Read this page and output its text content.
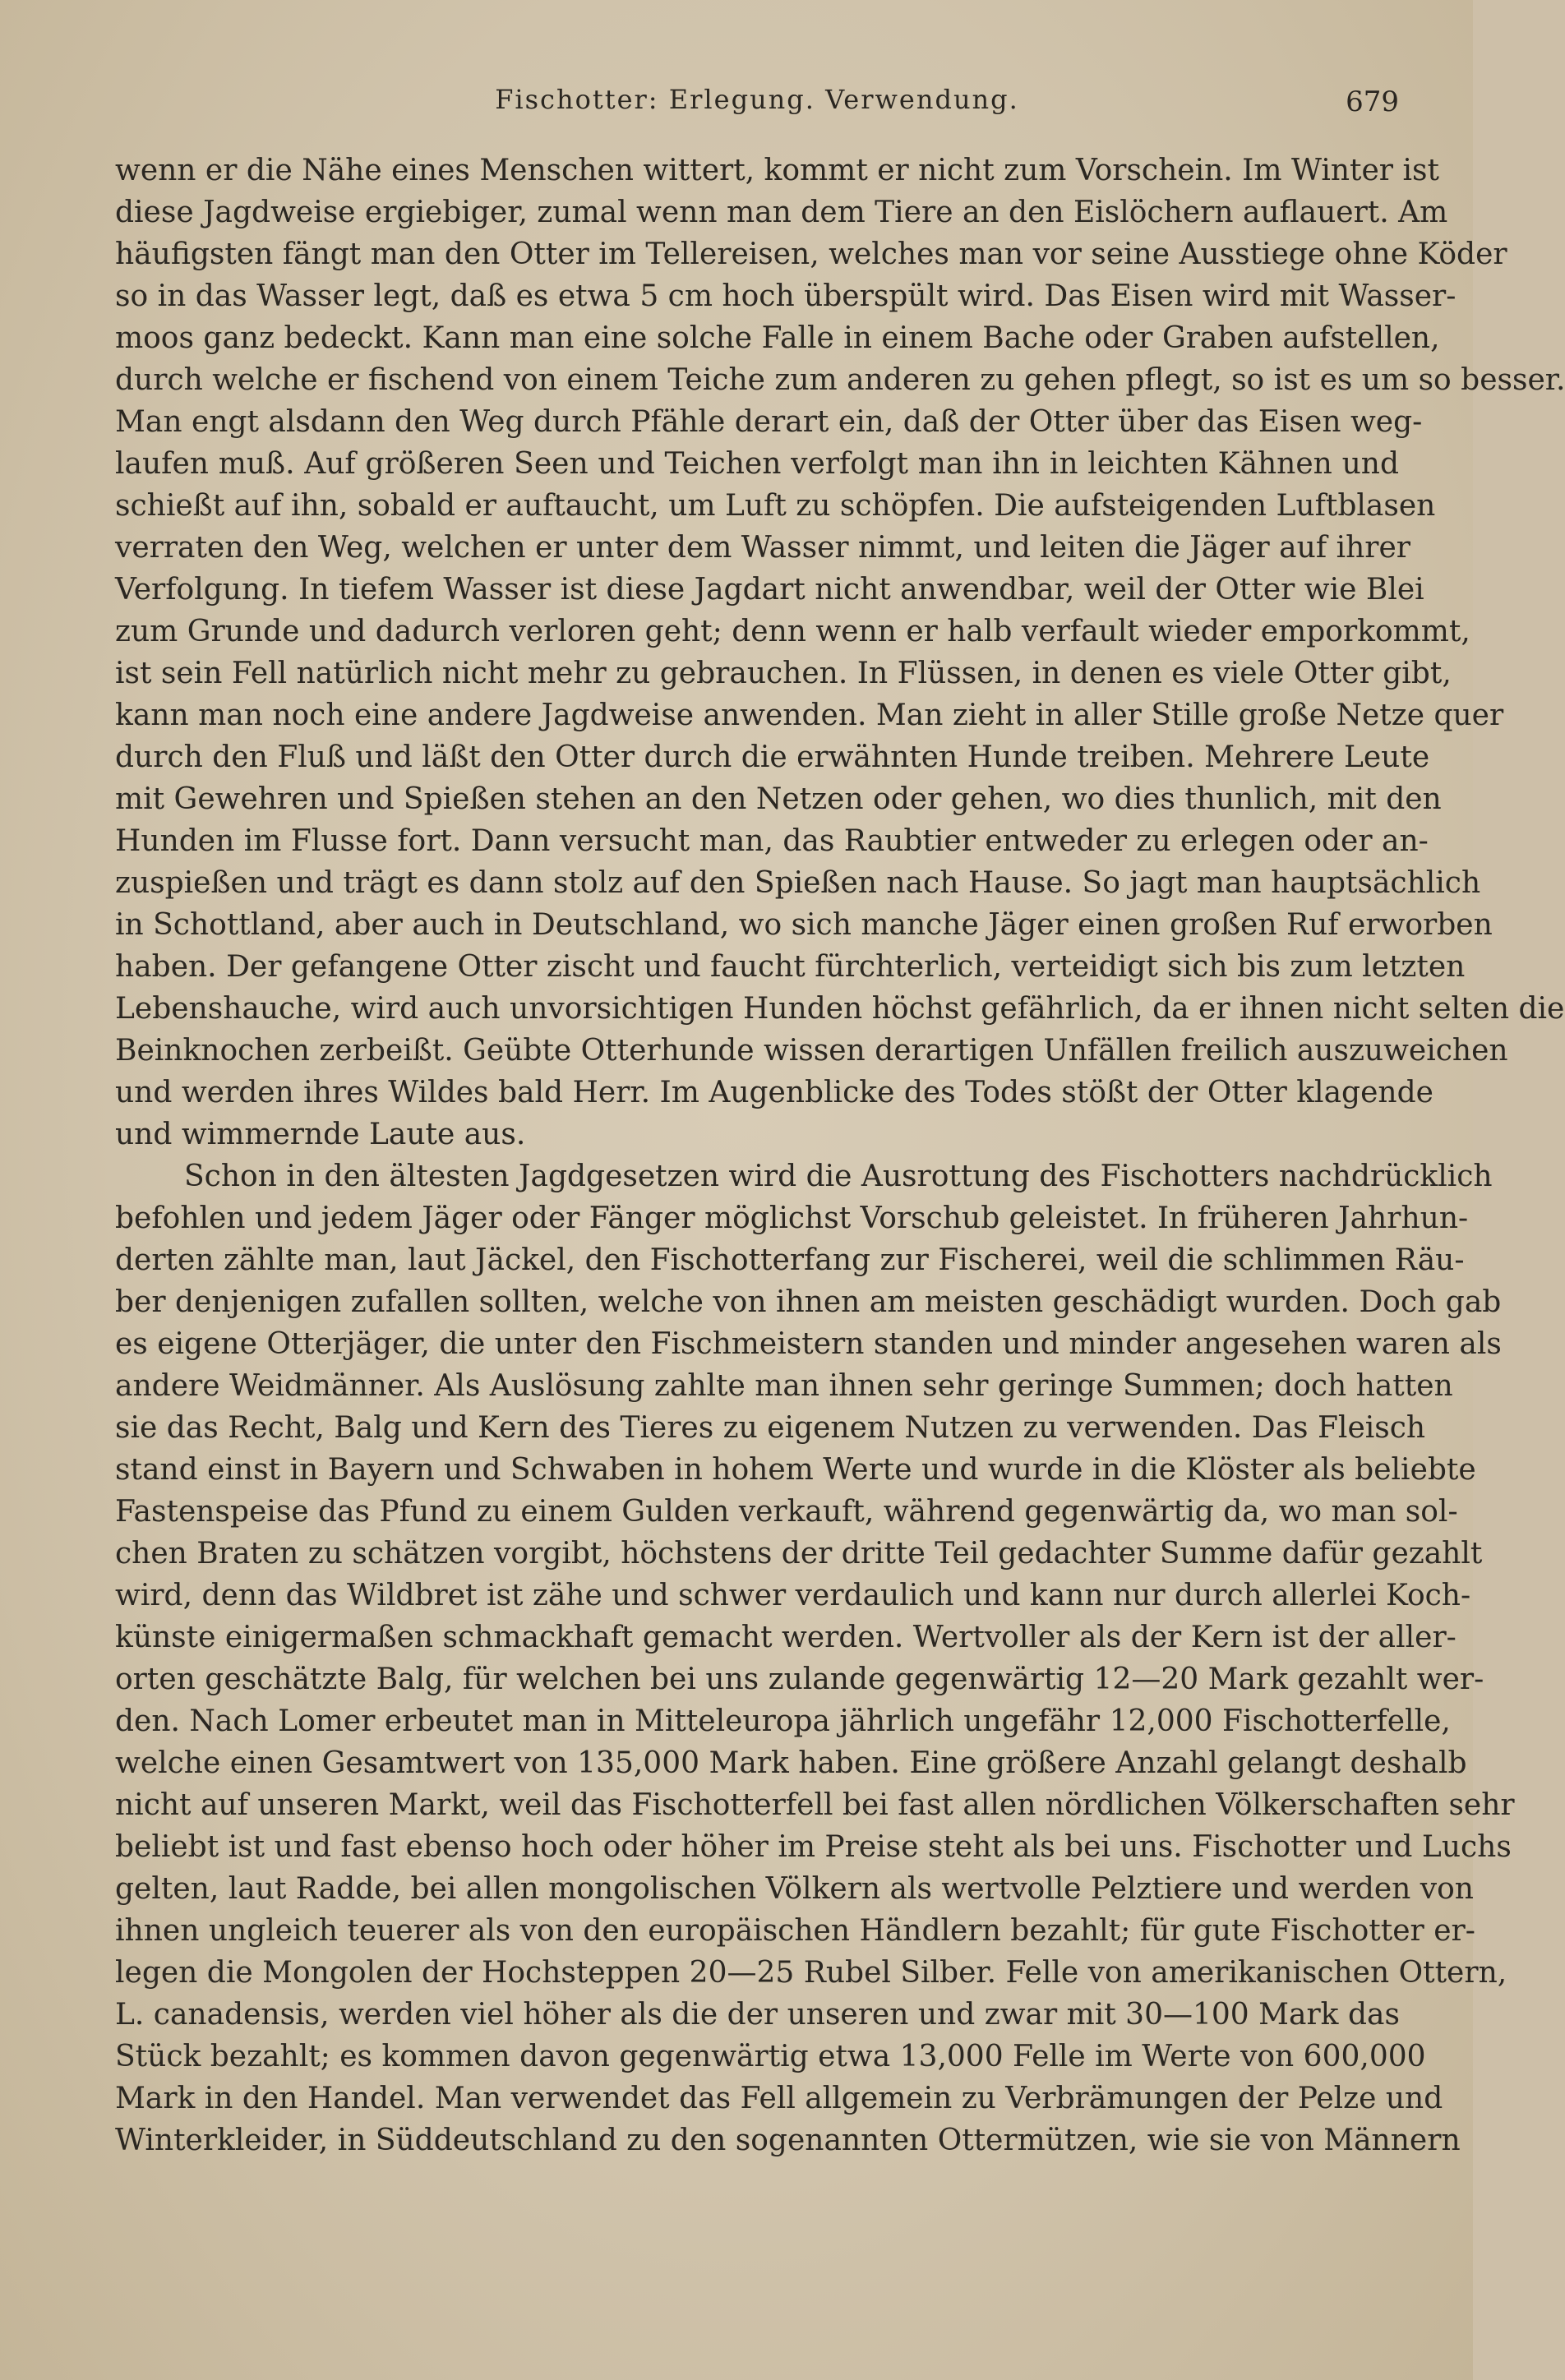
Fischotter: Erlegung. Verwendung.	679
wenn er die Nähe eines Menschen wittert, kommt er nicht zum Vorschein. Im Winter ist
diese Jagdweise ergiebiger, zumal wenn man dem Tiere an den Eislöchern auflauert. Am
häufigsten fängt man den Otter im Tellereisen, welches man vor seine Ausstiege ohne Köder
so in das Wasser legt, daß es etwa 5 cm hoch überspült wird. Das Eisen wird mit Wasser-
moos ganz bedeckt. Kann man eine solche Falle in einem Bache oder Graben aufstellen,
durch welche er fischend von einem Teiche zum anderen zu gehen pflegt, so ist es um so besser.
Man engt alsdann den Weg durch Pfähle derart ein, daß der Otter über das Eisen weg-
laufen muß. Auf größeren Seen und Teichen verfolgt man ihn in leichten Kähnen und
schießt auf ihn, sobald er auftaucht, um Luft zu schöpfen. Die aufsteigenden Luftblasen
verraten den Weg, welchen er unter dem Wasser nimmt, und leiten die Jäger auf ihrer
Verfolgung. In tiefem Wasser ist diese Jagdart nicht anwendbar, weil der Otter wie Blei
zum Grunde und dadurch verloren geht; denn wenn er halb verfault wieder emporkommt,
ist sein Fell natürlich nicht mehr zu gebrauchen. In Flüssen, in denen es viele Otter gibt,
kann man noch eine andere Jagdweise anwenden. Man zieht in aller Stille große Netze quer
durch den Fluß und läßt den Otter durch die erwähnten Hunde treiben. Mehrere Leute
mit Gewehren und Spießen stehen an den Netzen oder gehen, wo dies thunlich, mit den
Hunden im Flusse fort. Dann versucht man, das Raubtier entweder zu erlegen oder an-
zuspießen und trägt es dann stolz auf den Spießen nach Hause. So jagt man hauptsächlich
in Schottland, aber auch in Deutschland, wo sich manche Jäger einen großen Ruf erworben
haben. Der gefangene Otter zischt und faucht fürchterlich, verteidigt sich bis zum letzten
Lebenshauche, wird auch unvorsichtigen Hunden höchst gefährlich, da er ihnen nicht selten die
Beinknochen zerbeißt. Geübte Otterhunde wissen derartigen Unfällen freilich auszuweichen
und werden ihres Wildes bald Herr. Im Augenblicke des Todes stößt der Otter klagende
und wimmernde Laute aus.
Schon in den ältesten Jagdgesetzen wird die Ausrottung des Fischotters nachdrücklich
befohlen und jedem Jäger oder Fänger möglichst Vorschub geleistet. In früheren Jahrhun-
derten zählte man, laut Jäckel, den Fischotterfang zur Fischerei, weil die schlimmen Räu-
ber denjenigen zufallen sollten, welche von ihnen am meisten geschädigt wurden. Doch gab
es eigene Otterjäger, die unter den Fischmeistern standen und minder angesehen waren als
andere Weidmänner. Als Auslösung zahlte man ihnen sehr geringe Summen; doch hatten
sie das Recht, Balg und Kern des Tieres zu eigenem Nutzen zu verwenden. Das Fleisch
stand einst in Bayern und Schwaben in hohem Werte und wurde in die Klöster als beliebte
Fastenspeise das Pfund zu einem Gulden verkauft, während gegenwärtig da, wo man sol-
chen Braten zu schätzen vorgibt, höchstens der dritte Teil gedachter Summe dafür gezahlt
wird, denn das Wildbret ist zähe und schwer verdaulich und kann nur durch allerlei Koch-
künste einigermaßen schmackhaft gemacht werden. Wertvoller als der Kern ist der aller-
orten geschätzte Balg, für welchen bei uns zulande gegenwärtig 12—20 Mark gezahlt wer-
den. Nach Lomer erbeutet man in Mitteleuropa jährlich ungefähr 12,000 Fischotterfelle,
welche einen Gesamtwert von 135,000 Mark haben. Eine größere Anzahl gelangt deshalb
nicht auf unseren Markt, weil das Fischotterfell bei fast allen nördlichen Völkerschaften sehr
beliebt ist und fast ebenso hoch oder höher im Preise steht als bei uns. Fischotter und Luchs
gelten, laut Radde, bei allen mongolischen Völkern als wertvolle Pelztiere und werden von
ihnen ungleich teuerer als von den europäischen Händlern bezahlt; für gute Fischotter er-
legen die Mongolen der Hochsteppen 20—25 Rubel Silber. Felle von amerikanischen Ottern,
L. canadensis, werden viel höher als die der unseren und zwar mit 30—100 Mark das
Stück bezahlt; es kommen davon gegenwärtig etwa 13,000 Felle im Werte von 600,000
Mark in den Handel. Man verwendet das Fell allgemein zu Verbrämungen der Pelze und
Winterkleider, in Süddeutschland zu den sogenannten Ottermützen, wie sie von Männern
